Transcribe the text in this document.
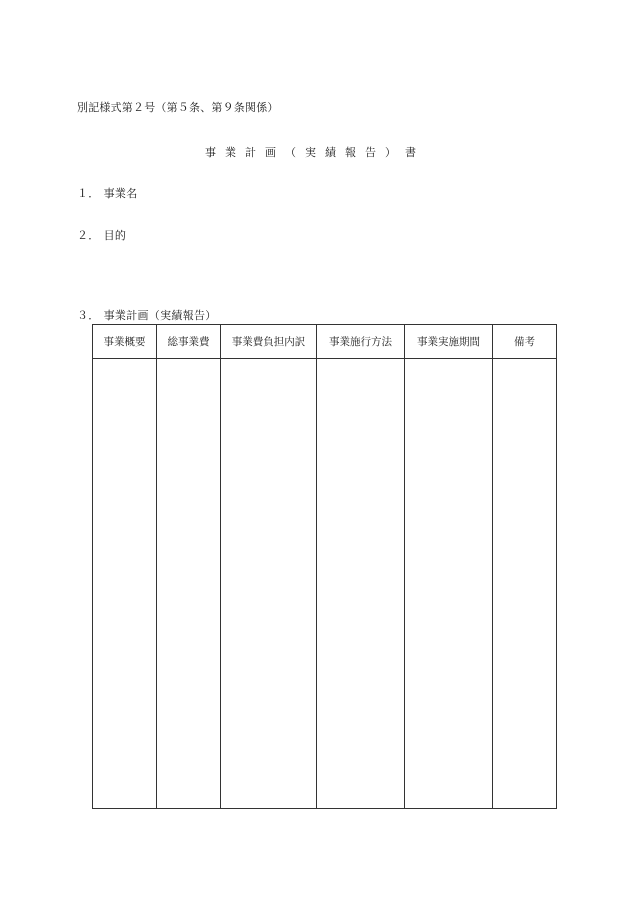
別記様式第２号（第５条、第９条関係）
事業計画（実績報告）書
１． 事業名
２． 目的
３． 事業計画（実績報告）
事業概要	総事業費	事業費負担内訳	事業施行方法	事業実施期間	備考
